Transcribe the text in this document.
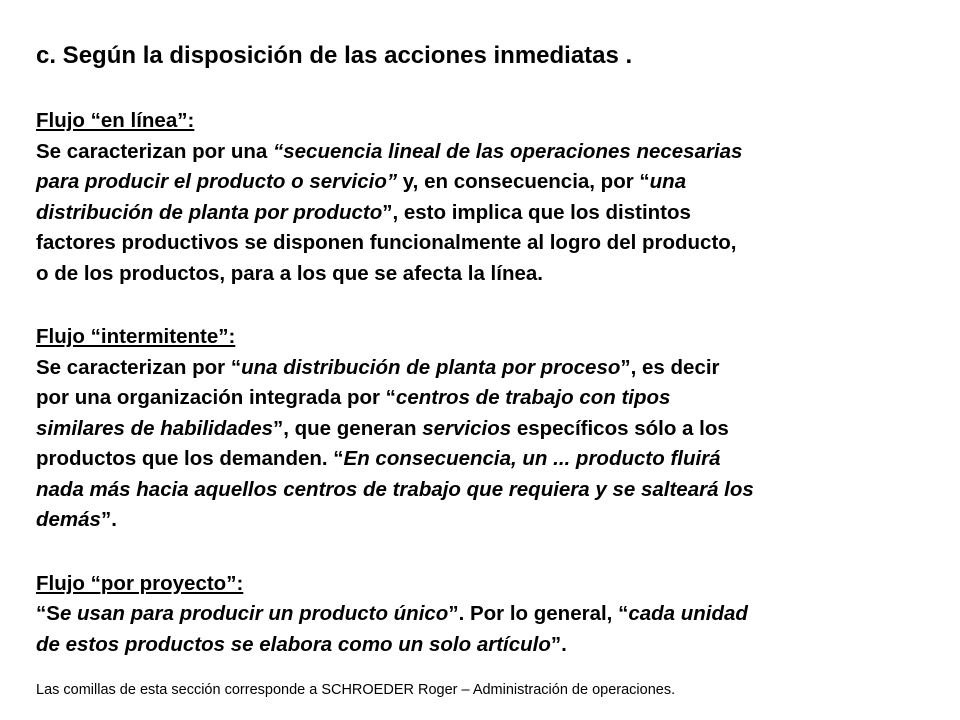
c. Según la disposición de las acciones inmediatas .
Flujo “en línea”:
Se caracterizan por una “secuencia lineal de las operaciones necesarias
para producir el producto o servicio” y, en consecuencia, por “una
distribución de planta por producto”, esto implica que los distintos
factores productivos se disponen funcionalmente al logro del producto,
o de los productos, para a los que se afecta la línea.
Flujo “intermitente”:
Se caracterizan por “una distribución de planta por proceso”, es decir
por una organización integrada por “centros de trabajo con tipos
similares de habilidades”, que generan servicios específicos sólo a los
productos que los demanden. “En consecuencia, un ... producto fluirá
nada más hacia aquellos centros de trabajo que requiera y se salteará los
demás”.
Flujo “por proyecto”:
“Se usan para producir un producto único”. Por lo general, “cada unidad
de estos productos se elabora como un solo artículo”.
Las comillas de esta sección corresponde a SCHROEDER Roger – Administración de operaciones.
